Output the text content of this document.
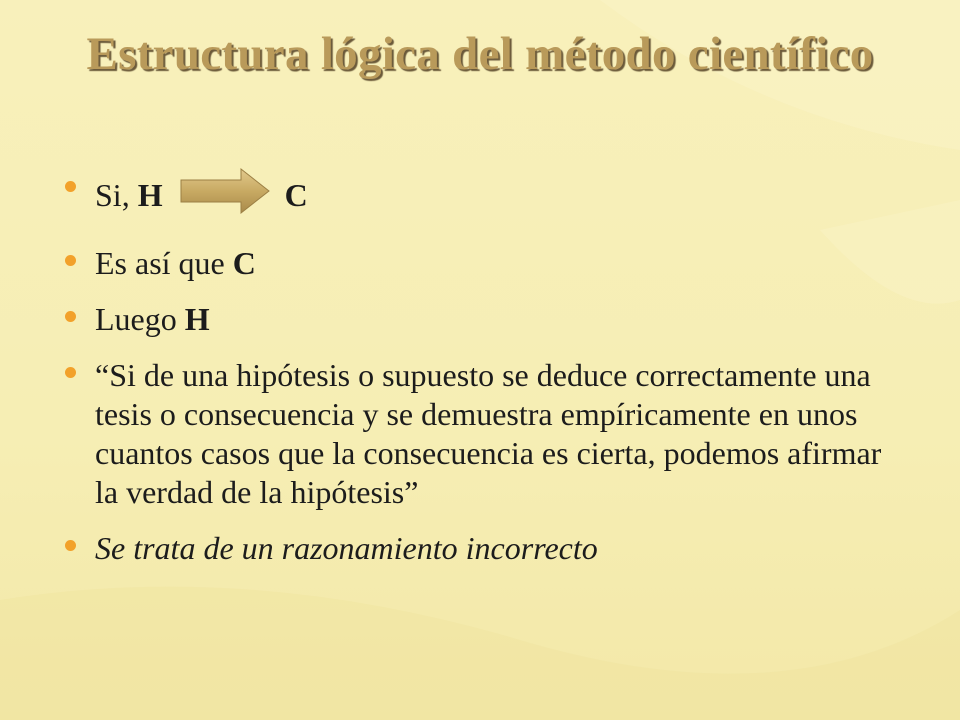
Estructura lógica del método científico
Si, H	C
Es así que C
Luego H
“Si de una hipótesis o supuesto se deduce correctamente una tesis o consecuencia y se demuestra empíricamente en unos cuantos casos que la consecuencia es cierta, podemos afirmar la verdad de la hipótesis”
Se trata de un razonamiento incorrecto
